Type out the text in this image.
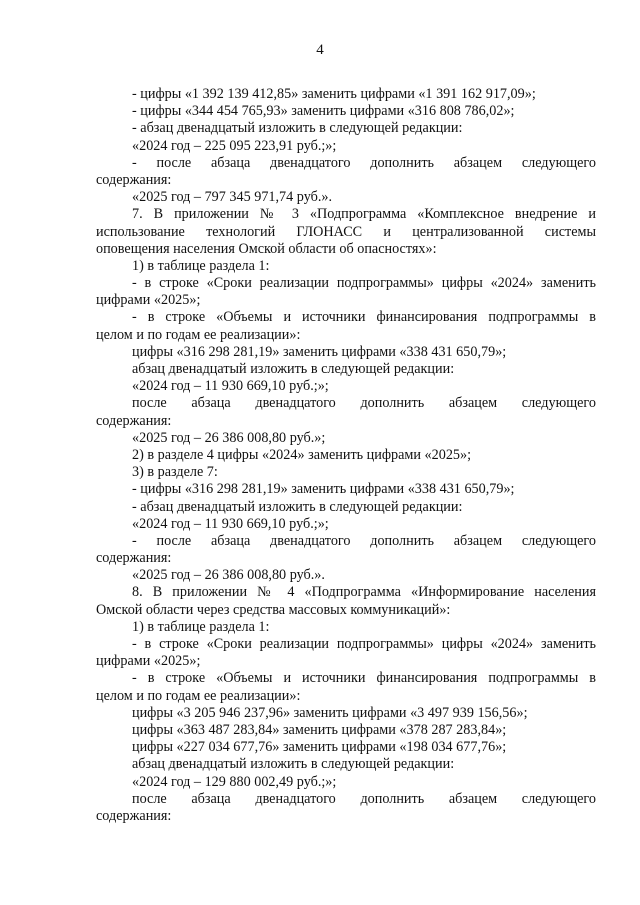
4
- цифры «1 392 139 412,85» заменить цифрами «1 391 162 917,09»;
- цифры «344 454 765,93» заменить цифрами «316 808 786,02»;
- абзац двенадцатый изложить в следующей редакции:
«2024 год – 225 095 223,91 руб.;»;
- после абзаца двенадцатого дополнить абзацем следующего
содержания:
«2025 год – 797 345 971,74 руб.».
7. В приложении № 3 «Подпрограмма «Комплексное внедрение и
использование технологий ГЛОНАСС и централизованной системы
оповещения населения Омской области об опасностях»:
1) в таблице раздела 1:
- в строке «Сроки реализации подпрограммы» цифры «2024» заменить
цифрами «2025»;
- в строке «Объемы и источники финансирования подпрограммы в
целом и по годам ее реализации»:
цифры «316 298 281,19» заменить цифрами «338 431 650,79»;
абзац двенадцатый изложить в следующей редакции:
«2024 год – 11 930 669,10 руб.;»;
после абзаца двенадцатого дополнить абзацем следующего
содержания:
«2025 год – 26 386 008,80 руб.»;
2) в разделе 4 цифры «2024» заменить цифрами «2025»;
3) в разделе 7:
- цифры «316 298 281,19» заменить цифрами «338 431 650,79»;
- абзац двенадцатый изложить в следующей редакции:
«2024 год – 11 930 669,10 руб.;»;
- после абзаца двенадцатого дополнить абзацем следующего
содержания:
«2025 год – 26 386 008,80 руб.».
8. В приложении № 4 «Подпрограмма «Информирование населения
Омской области через средства массовых коммуникаций»:
1) в таблице раздела 1:
- в строке «Сроки реализации подпрограммы» цифры «2024» заменить
цифрами «2025»;
- в строке «Объемы и источники финансирования подпрограммы в
целом и по годам ее реализации»:
цифры «3 205 946 237,96» заменить цифрами «3 497 939 156,56»;
цифры «363 487 283,84» заменить цифрами «378 287 283,84»;
цифры «227 034 677,76» заменить цифрами «198 034 677,76»;
абзац двенадцатый изложить в следующей редакции:
«2024 год – 129 880 002,49 руб.;»;
после абзаца двенадцатого дополнить абзацем следующего
содержания:
